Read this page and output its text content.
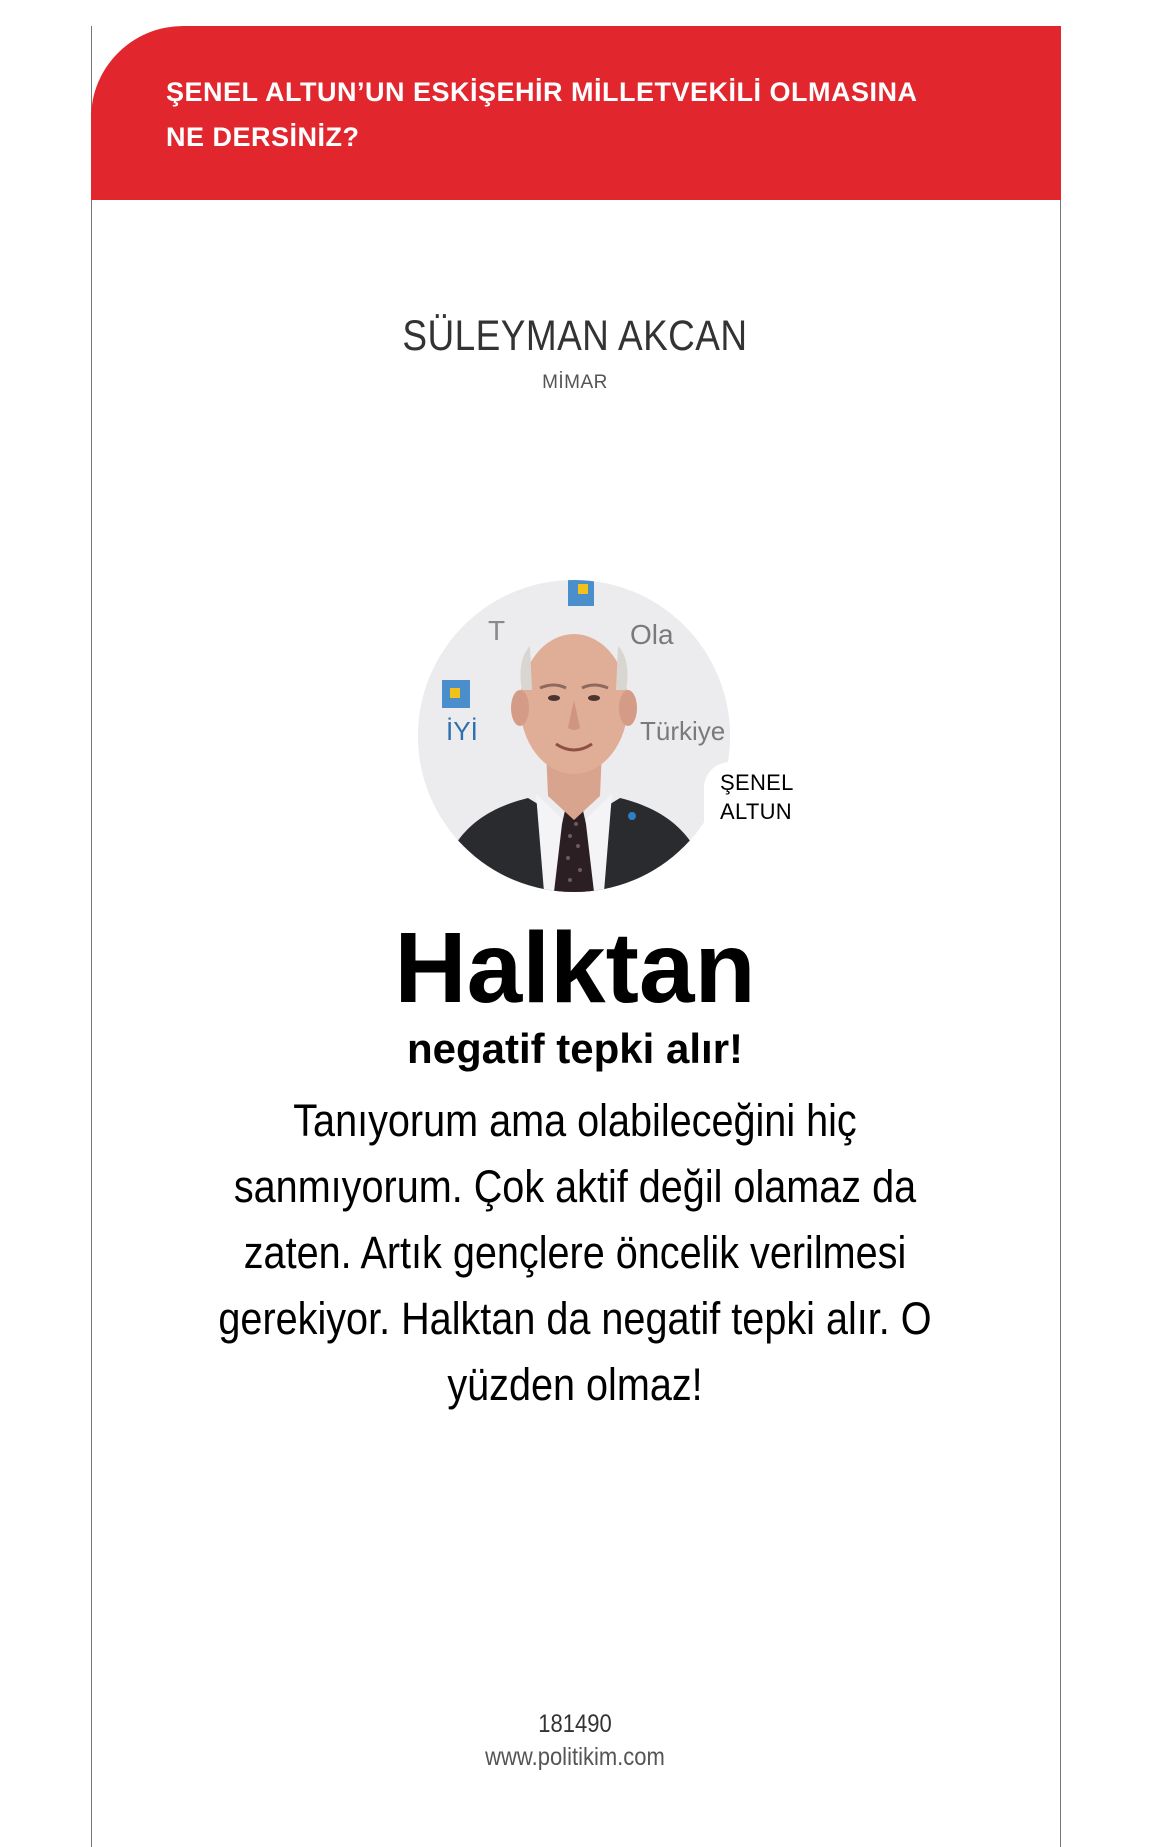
ŞENEL ALTUN’UN ESKİŞEHİR MİLLETVEKİLİ OLMASINA NE DERSİNİZ?

SÜLEYMAN AKCAN
MİMAR
Ola
İYİ	Türkiye
T

ŞENEL ALTUN

Halktan

negatif tepki alır!

Tanıyorum ama olabileceğini hiç sanmıyorum. Çok aktif değil olamaz da zaten. Artık gençlere öncelik verilmesi gerekiyor. Halktan da negatif tepki alır. O yüzden olmaz!

181490
www.politikim.com
